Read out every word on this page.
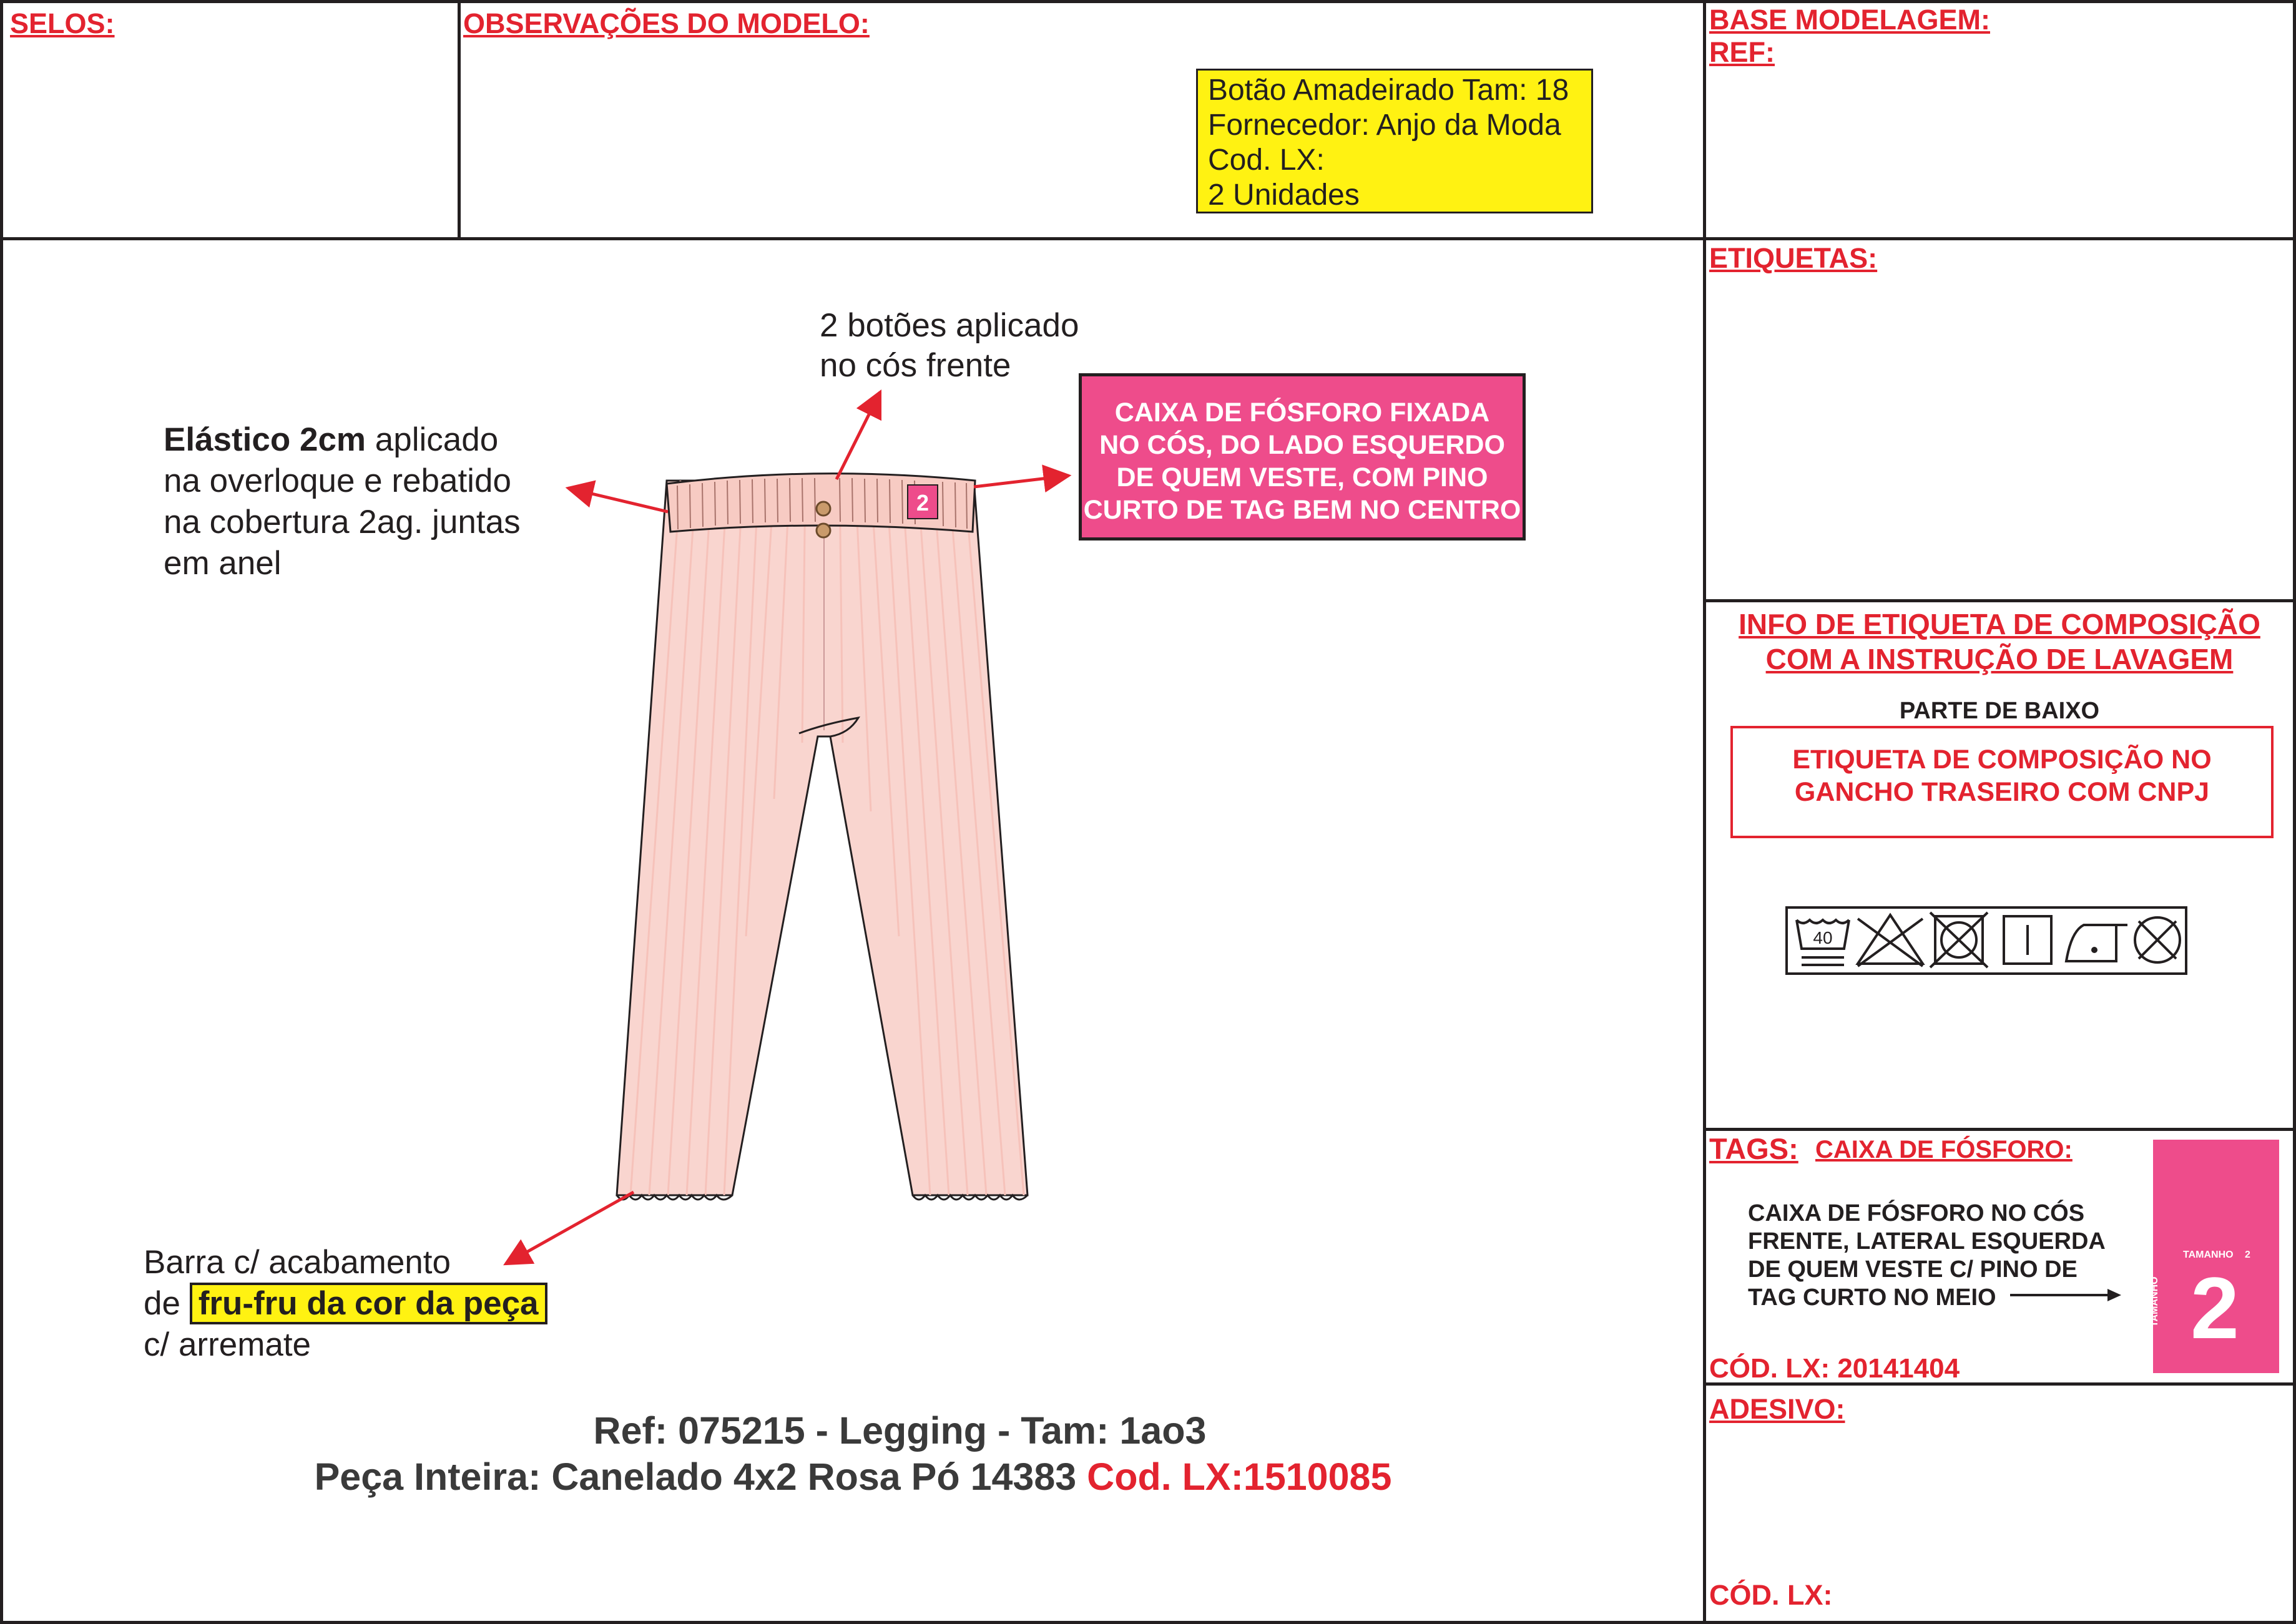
SELOS:	OBSERVAÇÕES DO MODELO:	BASE MODELAGEM:
REF:
Botão Amadeirado Tam: 18
Fornecedor: Anjo da Moda
Cod. LX:
2 Unidades
2
2 botões aplicado
no cós frente
Elástico 2cm aplicado
na overloque e rebatido
na cobertura 2ag. juntas
em anel
CAIXA DE FÓSFORO FIXADA
NO CÓS, DO LADO ESQUERDO
DE QUEM VESTE, COM PINO
CURTO DE TAG BEM NO CENTRO
Barra c/ acabamento
de fru-fru da cor da peça
c/ arremate
Ref: 075215 - Legging - Tam: 1ao3
Peça Inteira: Canelado 4x2 Rosa Pó 14383 Cod. LX:1510085
ETIQUETAS:
INFO DE ETIQUETA DE COMPOSIÇÃO
COM A INSTRUÇÃO DE LAVAGEM
PARTE DE BAIXO
ETIQUETA DE COMPOSIÇÃO NO
GANCHO TRASEIRO COM CNPJ
40
TAGS: CAIXA DE FÓSFORO:
CAIXA DE FÓSFORO NO CÓS
FRENTE, LATERAL ESQUERDA
DE QUEM VESTE C/ PINO DE
TAG CURTO NO MEIO
CÓD. LX: 20141404
TAMANHO 2
TAMANHO 2
ADESIVO:
CÓD. LX:
